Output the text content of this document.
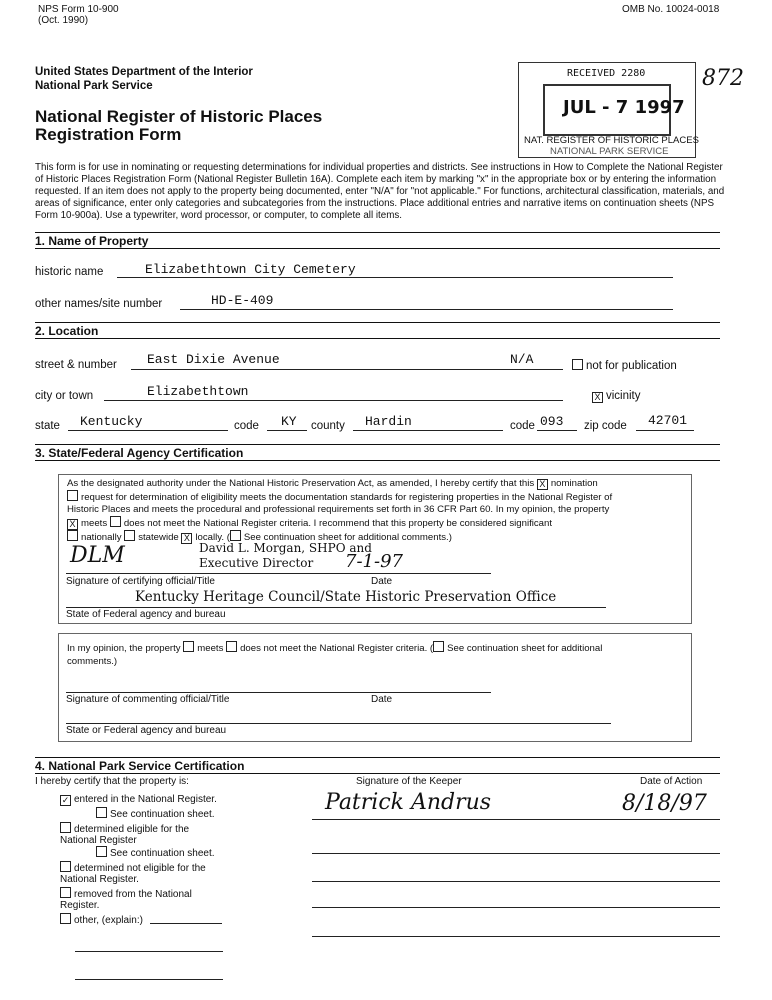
NPS Form 10-900
(Oct. 1990)
OMB No. 10024-0018
United States Department of the Interior
National Park Service
National Register of Historic Places
Registration Form
RECEIVED 2280
JUL - 7 1997
NAT. REGISTER OF HISTORIC PLACES
NATIONAL PARK SERVICE
872
This form is for use in nominating or requesting determinations for individual properties and districts. See instructions in How to Complete the National Register of Historic Places Registration Form (National Register Bulletin 16A). Complete each item by marking "x" in the appropriate box or by entering the information requested. If an item does not apply to the property being documented, enter "N/A" for "not applicable." For functions, architectural classification, materials, and areas of significance, enter only categories and subcategories from the instructions. Place additional entries and narrative items on continuation sheets (NPS Form 10-900a). Use a typewriter, word processor, or computer, to complete all items.
1. Name of Property
historic name	Elizabethtown City Cemetery
other names/site number	HD-E-409
2. Location
street & number East Dixie Avenue	N/A	not for publication
city or town	Elizabethtown	X vicinity
state Kentucky	code KY county Hardin	code 093 zip code 42701
3. State/Federal Agency Certification

As the designated authority under the National Historic Preservation Act, as amended, I hereby certify that this X nomination

request for determination of eligibility meets the documentation standards for registering properties in the National Register of

Historic Places and meets the procedural and professional requirements set forth in 36 CFR Part 60. In my opinion, the property

X meets does not meet the National Register criteria. I recommend that this property be considered significant

nationally statewide X locally. ( See continuation sheet for additional comments.)

David L. Morgan, SHPO and
Executive Director
DLM	7-1-97
Signature of certifying official/Title	Date
Kentucky Heritage Council/State Historic Preservation Office
State of Federal agency and bureau

In my opinion, the property meets does not meet the National Register criteria. ( See continuation sheet for additional

comments.)

Signature of commenting official/Title	Date
State or Federal agency and bureau
4. National Park Service Certification
I hereby certify that the property is:	Signature of the Keeper	Date of Action
Patrick Andrus	8/18/97
✓ entered in the National Register.
See continuation sheet.
determined eligible for the National Register
See continuation sheet.
determined not eligible for the National Register.
removed from the National Register.
other, (explain:)
